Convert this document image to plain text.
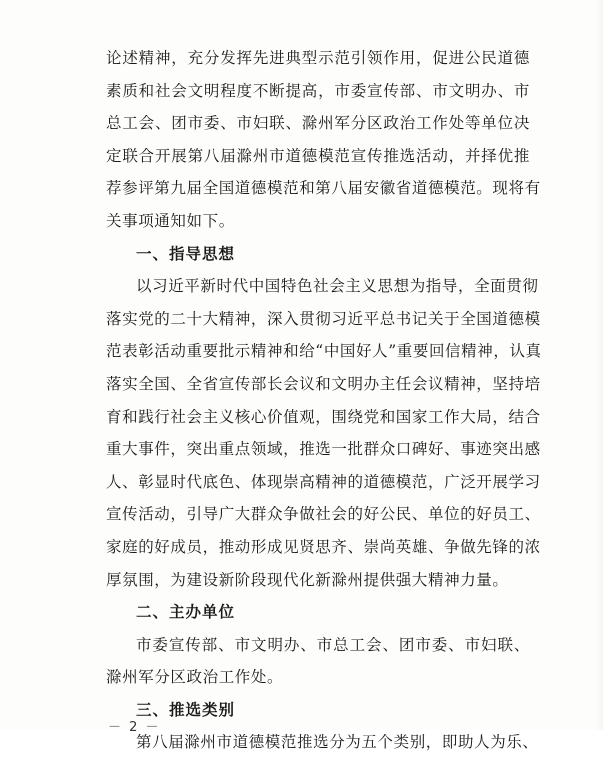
论述精神，充分发挥先进典型示范引领作用，促进公民道德
素质和社会文明程度不断提高，市委宣传部、市文明办、市
总工会、团市委、市妇联、滁州军分区政治工作处等单位决
定联合开展第八届滁州市道德模范宣传推选活动，并择优推
荐参评第九届全国道德模范和第八届安徽省道德模范。现将有
关事项通知如下。
一、指导思想
以习近平新时代中国特色社会主义思想为指导，全面贯彻
落实党的二十大精神，深入贯彻习近平总书记关于全国道德模
范表彰活动重要批示精神和给“中国好人”重要回信精神，认真
落实全国、全省宣传部长会议和文明办主任会议精神，坚持培
育和践行社会主义核心价值观，围绕党和国家工作大局，结合
重大事件，突出重点领域，推选一批群众口碑好、事迹突出感
人、彰显时代底色、体现崇高精神的道德模范，广泛开展学习
宣传活动，引导广大群众争做社会的好公民、单位的好员工、
家庭的好成员，推动形成见贤思齐、崇尚英雄、争做先锋的浓
厚氛围，为建设新阶段现代化新滁州提供强大精神力量。
二、主办单位
市委宣传部、市文明办、市总工会、团市委、市妇联、
滁州军分区政治工作处。
三、推选类别
第八届滁州市道德模范推选分为五个类别，即助人为乐、
－ 2 －
